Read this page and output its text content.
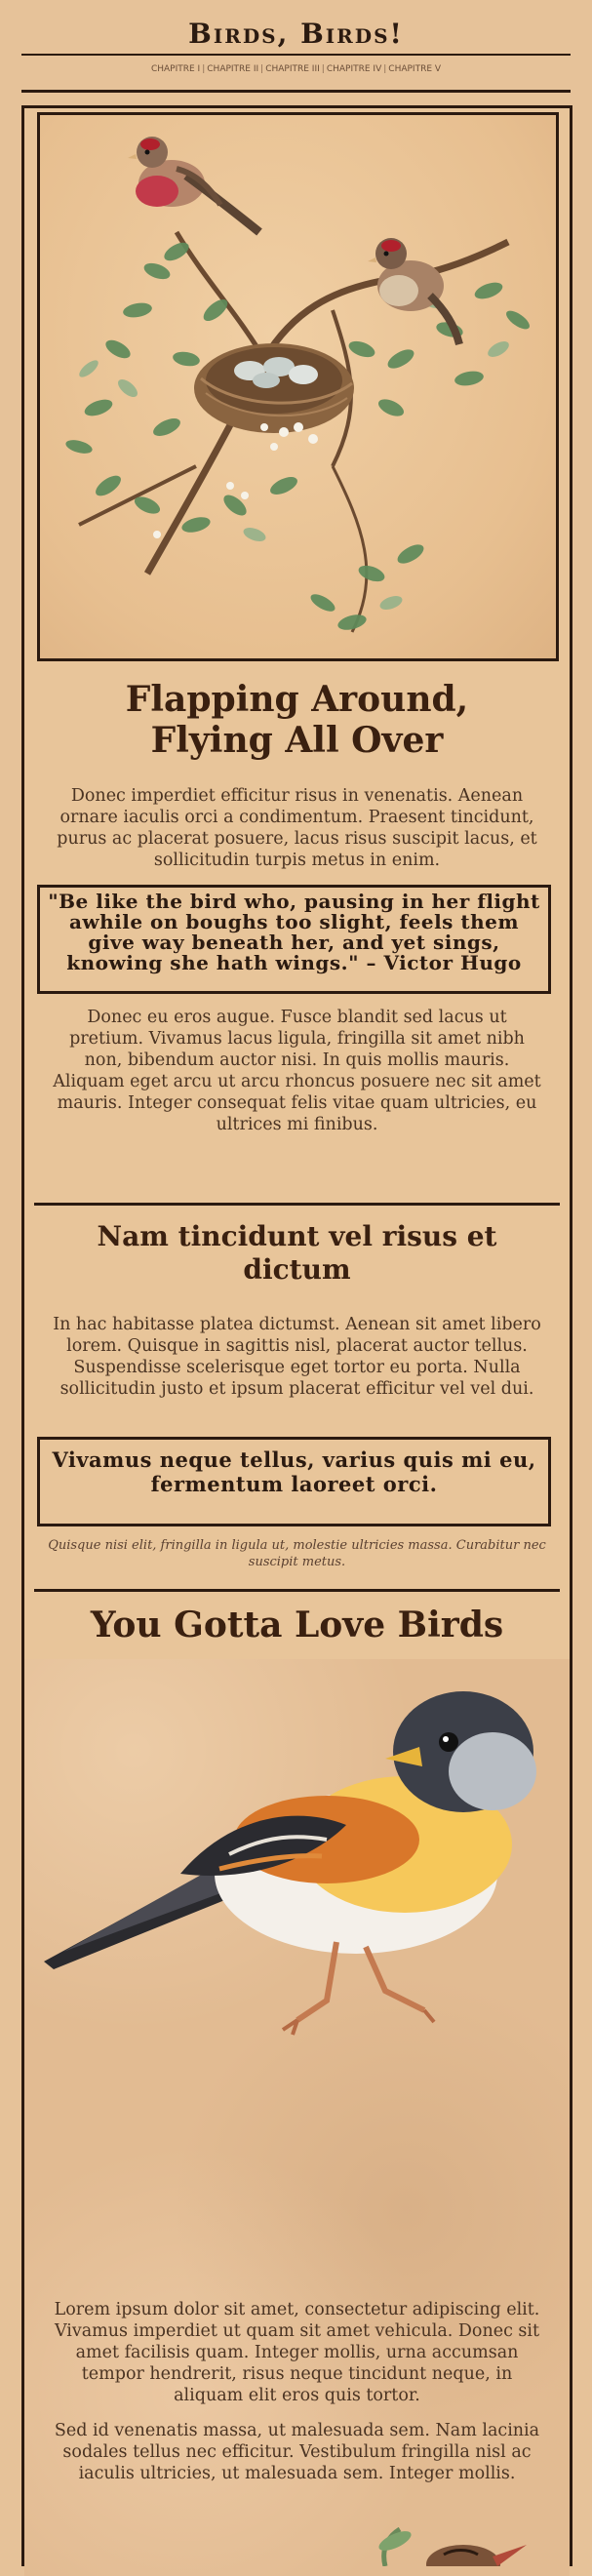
Birds, Birds!
CHAPITRE I | CHAPITRE II | CHAPITRE III | CHAPITRE IV | CHAPITRE V
Flapping Around,
Flying All Over
Donec imperdiet efficitur risus in venenatis. Aenean ornare iaculis orci a condimentum. Praesent tincidunt, purus ac placerat posuere, lacus risus suscipit lacus, et sollicitudin turpis metus in enim.
"Be like the bird who, pausing in her flight awhile on boughs too slight, feels them give way beneath her, and yet sings, knowing she hath wings." – Victor Hugo
Donec eu eros augue. Fusce blandit sed lacus ut pretium. Vivamus lacus ligula, fringilla sit amet nibh non, bibendum auctor nisi. In quis mollis mauris. Aliquam eget arcu ut arcu rhoncus posuere nec sit amet mauris. Integer consequat felis vitae quam ultricies, eu ultrices mi finibus.
Nam tincidunt vel risus et dictum
In hac habitasse platea dictumst. Aenean sit amet libero lorem. Quisque in sagittis nisl, placerat auctor tellus. Suspendisse scelerisque eget tortor eu porta. Nulla sollicitudin justo et ipsum placerat efficitur vel vel dui.
Vivamus neque tellus, varius quis mi eu, fermentum laoreet orci.
Quisque nisi elit, fringilla in ligula ut, molestie ultricies massa. Curabitur nec suscipit metus.
You Gotta Love Birds
Lorem ipsum dolor sit amet, consectetur adipiscing elit. Vivamus imperdiet ut quam sit amet vehicula. Donec sit amet facilisis quam. Integer mollis, urna accumsan tempor hendrerit, risus neque tincidunt neque, in aliquam elit eros quis tortor.
Sed id venenatis massa, ut malesuada sem. Nam lacinia sodales tellus nec efficitur. Vestibulum fringilla nisl ac iaculis ultricies, ut malesuada sem. Integer mollis.
